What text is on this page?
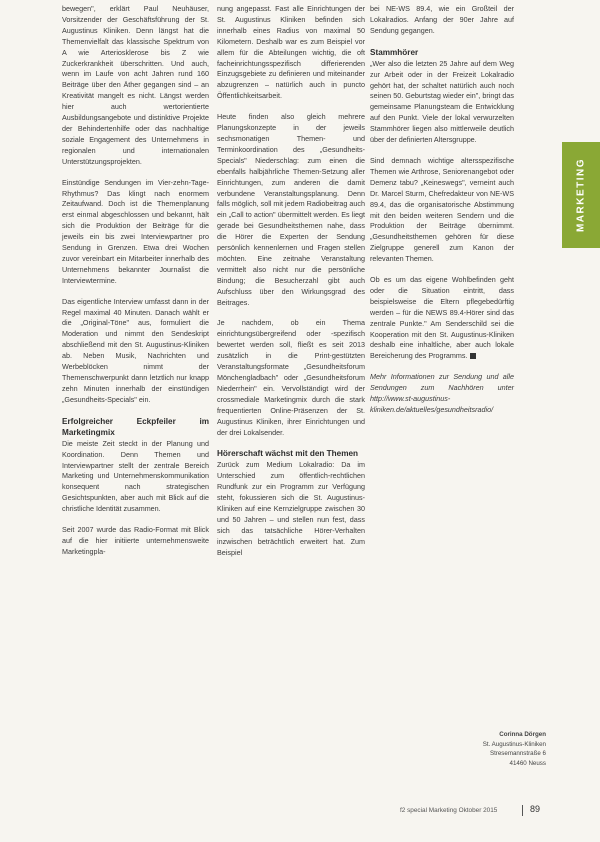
bewegen", erklärt Paul Neuhäuser, Vorsitzender der Geschäftsführung der St. Augustinus Kliniken. Denn längst hat die Themenvielfalt das klassische Spektrum von A wie Arteriosklerose bis Z wie Zuckerkrankheit überschritten. Und auch, wenn im Laufe von acht Jahren rund 160 Beiträge über den Äther gegangen sind – an Kreativität mangelt es nicht. Längst werden hier auch wertorientierte Ausbildungsangebote und distinktive Projekte der Behindertenhilfe oder das nachhaltige soziale Engagement des Unternehmens in regionalen und internationalen Unterstützungsprojekten.

Einstündige Sendungen im Vier-zehn-Tage-Rhythmus? Das klingt nach enormem Zeitaufwand. Doch ist die Themenplanung erst einmal abgeschlossen und bekannt, hält sich die Produktion der Beiträge für die jeweils ein bis zwei Interviewpartner pro Sendung in Grenzen. Etwa drei Wochen zuvor vereinbart ein Mitarbeiter innerhalb des Unternehmens bekannter Journalist die Interviewtermine.

Das eigentliche Interview umfasst dann in der Regel maximal 40 Minuten. Danach wählt er die „Original-Töne" aus, formuliert die Moderation und nimmt den Sendeskript abschließend mit den St. Augustinus-Kliniken ab. Neben Musik, Nachrichten und Werbeblöcken nimmt der Themenschwerpunkt dann letztlich nur knapp zehn Minuten innerhalb der einstündigen „Gesundheits-Specials" ein.

Erfolgreicher Eckpfeiler im Marketingmix

Die meiste Zeit steckt in der Planung und Koordination. Denn Themen und Interviewpartner stellt der zentrale Bereich Marketing und Unternehmenskommunikation konsequent nach strategischen Gesichtspunkten, aber auch mit Blick auf die christliche Identität zusammen.

Seit 2007 wurde das Radio-Format mit Blick auf die hier initiierte unternehmensweite Marketingpla-

nung angepasst. Fast alle Einrichtungen der St. Augustinus Kliniken befinden sich innerhalb eines Radius von maximal 50 Kilometern. Deshalb war es zum Beispiel vor allem für die Abteilungen wichtig, die oft facheinrichtungsspezifisch differierenden Einzugsgebiete zu definieren und miteinander abzugrenzen – natürlich auch in puncto Öffentlichkeitsarbeit.

Heute finden also gleich mehrere Planungskonzepte in der jeweils sechsmonatigen Themen- und Terminkoordination des „Gesundheits-Specials" Niederschlag: zum einen die ebenfalls halbjährliche Themen-Setzung aller Einrichtungen, zum anderen die damit verbundene Veranstaltungsplanung. Denn falls möglich, soll mit jedem Radiobeitrag auch ein „Call to action" übermittelt werden. Es liegt gerade bei Gesundheitsthemen nahe, dass die Hörer die Experten der Sendung persönlich kennenlernen und Fragen stellen möchten. Eine zeitnahe Veranstaltung vermittelt also nicht nur die persönliche Bindung; die Besucherzahl gibt auch Aufschluss über den Wirkungsgrad des Beitrages.

Je nachdem, ob ein Thema einrichtungsübergreifend oder -spezifisch bewertet werden soll, fließt es seit 2013 zusätzlich in die Print-gestützten Veranstaltungsformate „Gesundheitsforum Mönchengladbach" oder „Gesundheitsforum Niederrhein" ein. Vervollständigt wird der crossmediale Marketingmix durch die stark frequentierten Online-Präsenzen der St. Augustinus Kliniken, ihrer Einrichtungen und der drei Lokalsender.

Hörerschaft wächst mit den Themen

Zurück zum Medium Lokalradio: Da im Unterschied zum öffentlich-rechtlichen Rundfunk zur ein Programm zur Verfügung steht, fokussieren sich die St. Augustinus-Kliniken auf eine Kernzielgruppe zwischen 30 und 50 Jahren – und stellen nun fest, dass sich das tatsächliche Hörer-Verhalten inzwischen beträchtlich erweitert hat. Zum Beispiel

bei NE-WS 89.4, wie ein Großteil der Lokalradios. Anfang der 90er Jahre auf Sendung gegangen.

Stammhörer

„Wer also die letzten 25 Jahre auf dem Weg zur Arbeit oder in der Freizeit Lokalradio gehört hat, der schaltet natürlich auch noch seinen 50. Geburtstag wieder ein", bringt das gemeinsame Planungsteam die Entwicklung auf den Punkt. Viele der lokal verwurzelten Stammhörer liegen also mittlerweile deutlich über der definierten Altersgruppe.

Sind demnach wichtige altersspezifische Themen wie Arthrose, Seniorenangebot oder Demenz tabu? „Keineswegs", verneint auch Dr. Marcel Sturm, Chefredakteur von NE-WS 89.4, das die organisatorische Abstimmung mit den beiden weiteren Sendern und die Produktion der Beiträge übernimmt. „Gesundheitsthemen gehören für diese Zielgruppe generell zum Kanon der relevanten Themen.

Ob es um das eigene Wohlbefinden geht oder die Situation eintritt, dass beispielsweise die Eltern pflegebedürftig werden – für die NEWS 89.4-Hörer sind das zentrale Punkte." Am Senderschild sei die Kooperation mit den St. Augustinus-Kliniken deshalb eine inhaltliche, aber auch lokale Bereicherung des Programms.

Mehr Informationen zur Sendung und alle Sendungen zum Nachhören unter http://www.st-augustinus-kliniken.de/aktuelles/gesundheitsradio/

MARKETING
Corinna Dörgen
St. Augustinus-Kliniken
Stresemannstraße 6
41460 Neuss
f2 special Marketing Oktober 2015	89
